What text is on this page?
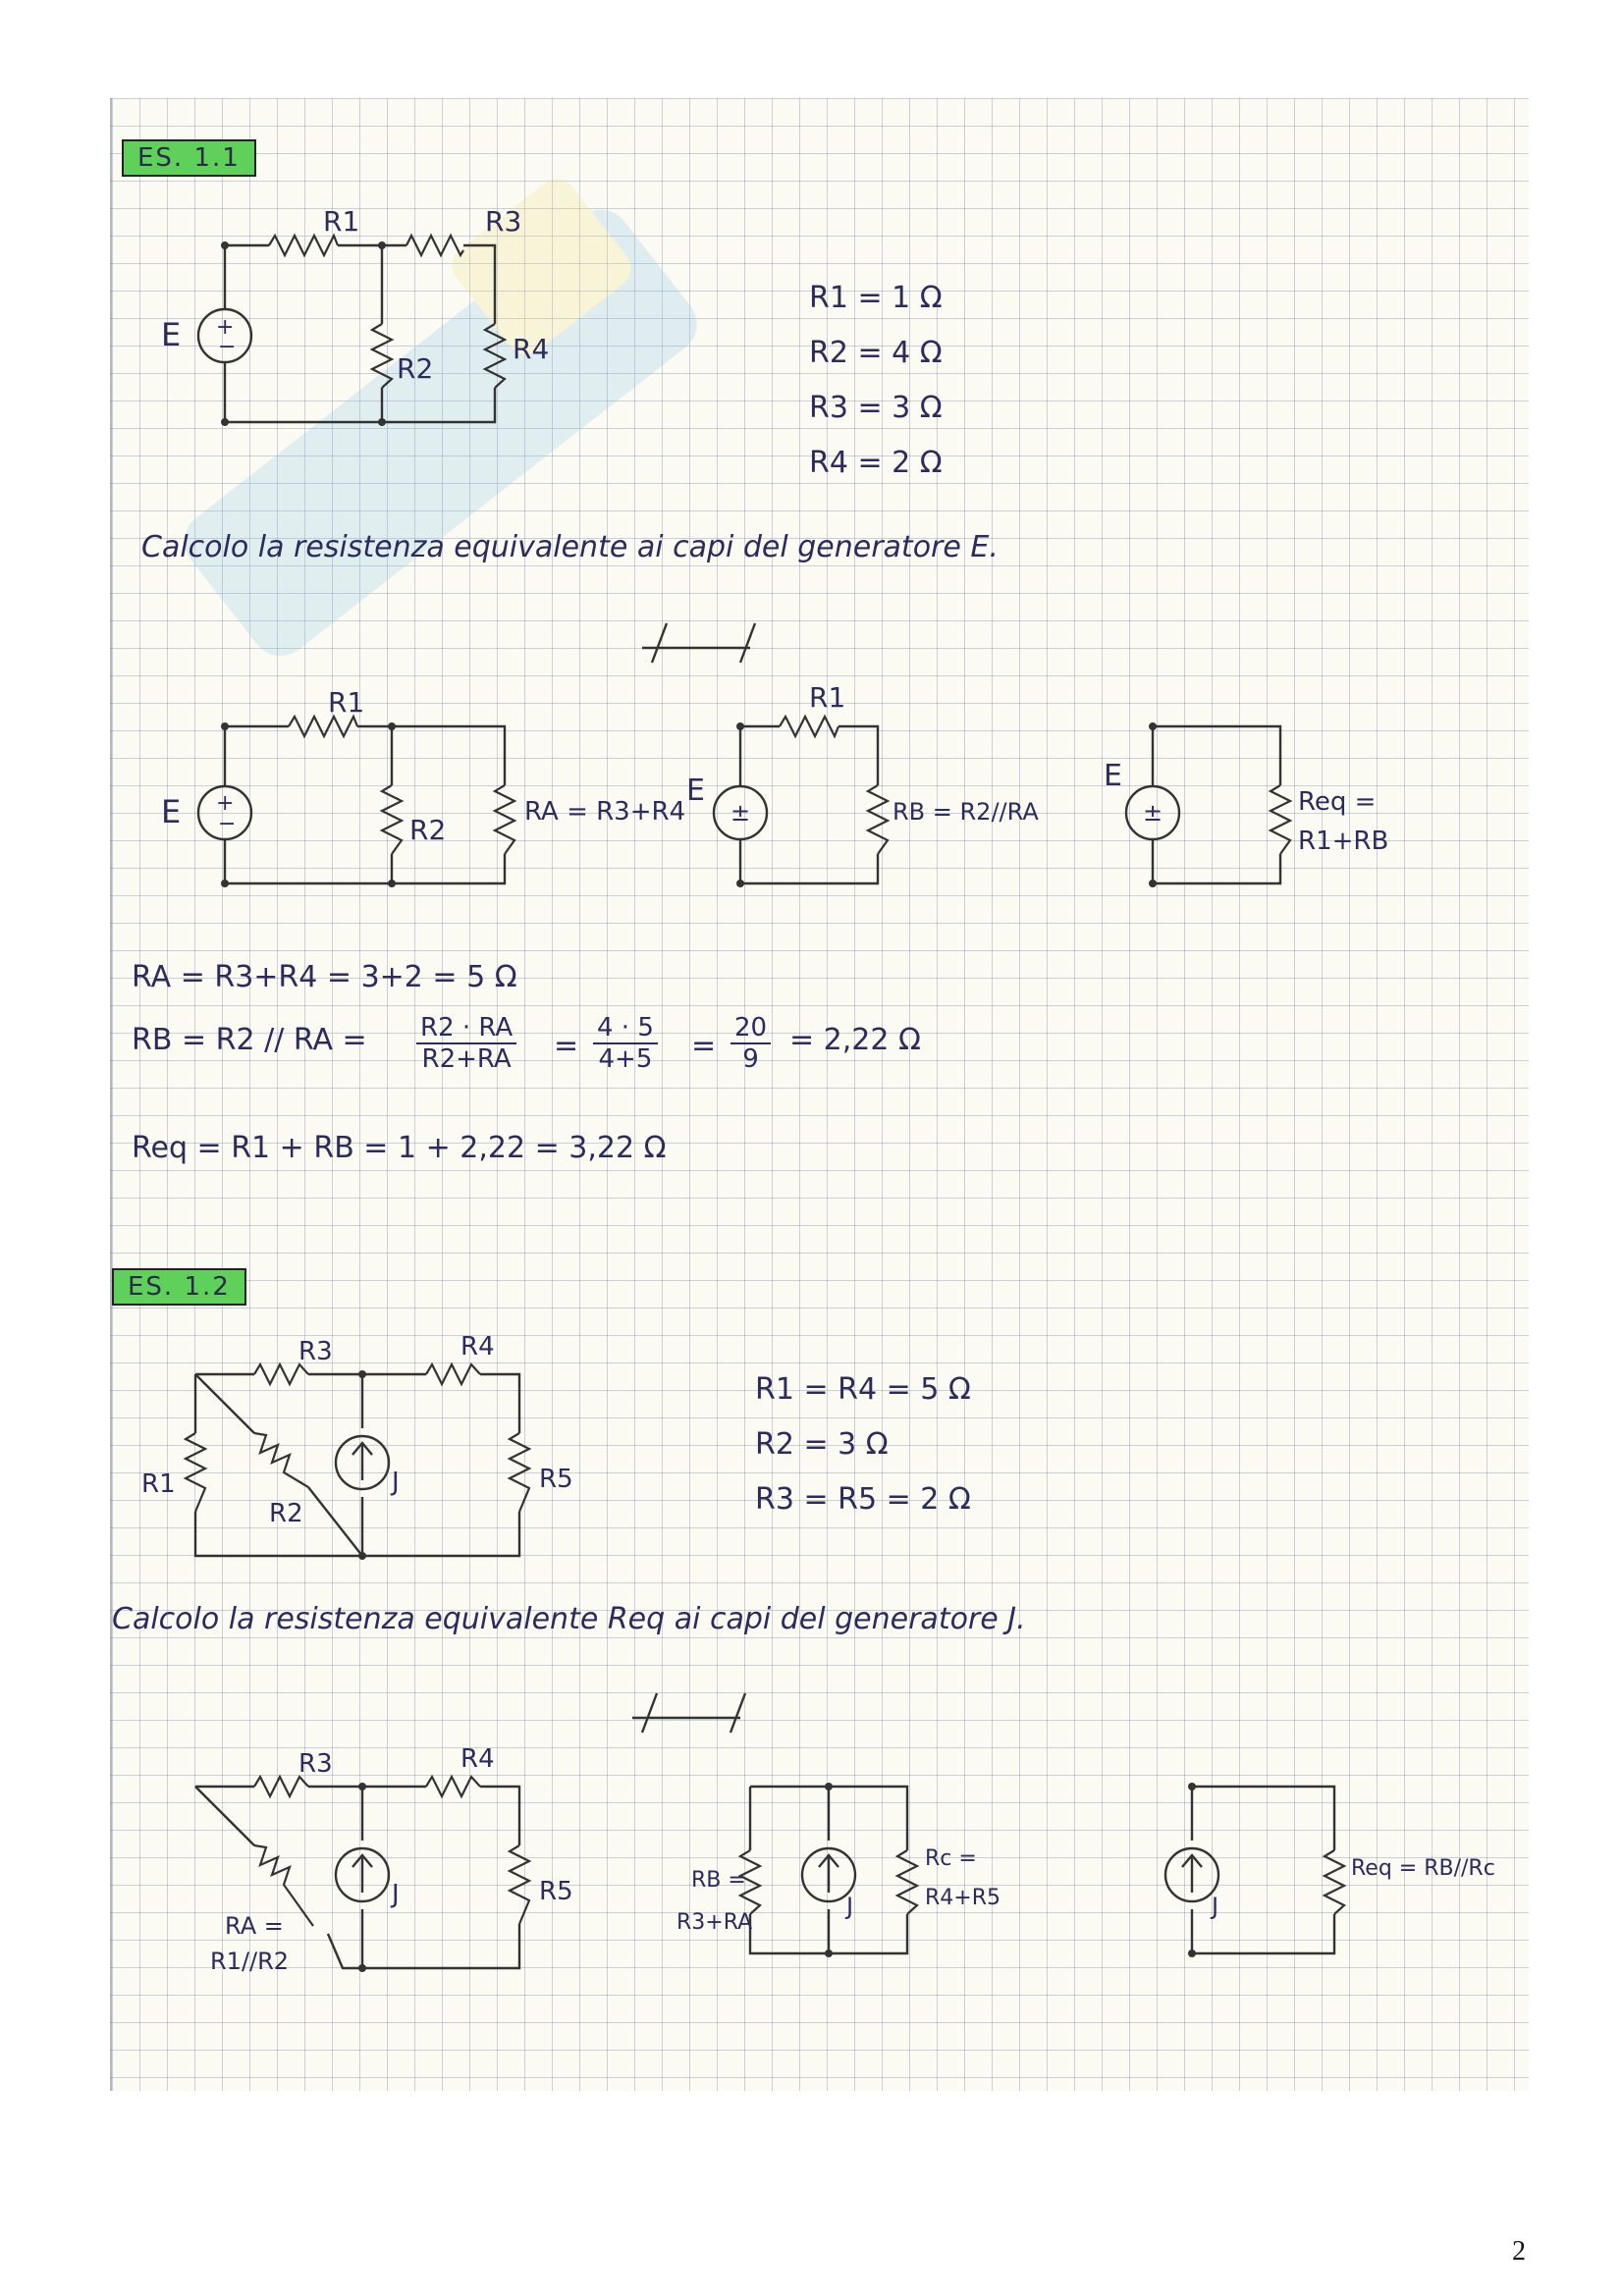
ES. 1.1
+
−
R1	R3
R2
R4
E
R1 = 1 Ω
R2 = 4 Ω
R3 = 3 Ω
R4 = 2 Ω
Calcolo la resistenza equivalente ai capi del generatore E.
+
−
R1
R2
E	RA = R3+R4 ±
R1
E
RB = R2//RA	±
E
Req =
R1+RB
RA = R3+R4 = 3+2 = 5 Ω
RB = R2 // RA = $\frac{R2 \cdot RA}{R2+RA} = \frac{4 \cdot 5}{4+5} = \frac{20}{9} = 2,22$ Ω
Req = R1 + RB = 1 + 2,22 = 3,22 Ω
ES. 1.2
R3	R4
R1
R2
J	R5
R1 = R4 = 5 Ω
R2 = 3 Ω
R3 = R5 = 2 Ω
Calcolo la resistenza equivalente Req ai capi del generatore J.
R3	R4
J	R5
RA =
R1//R2
J
RB =
R3+RA
Rc =
R4+R5	J
Req = RB//Rc
2
